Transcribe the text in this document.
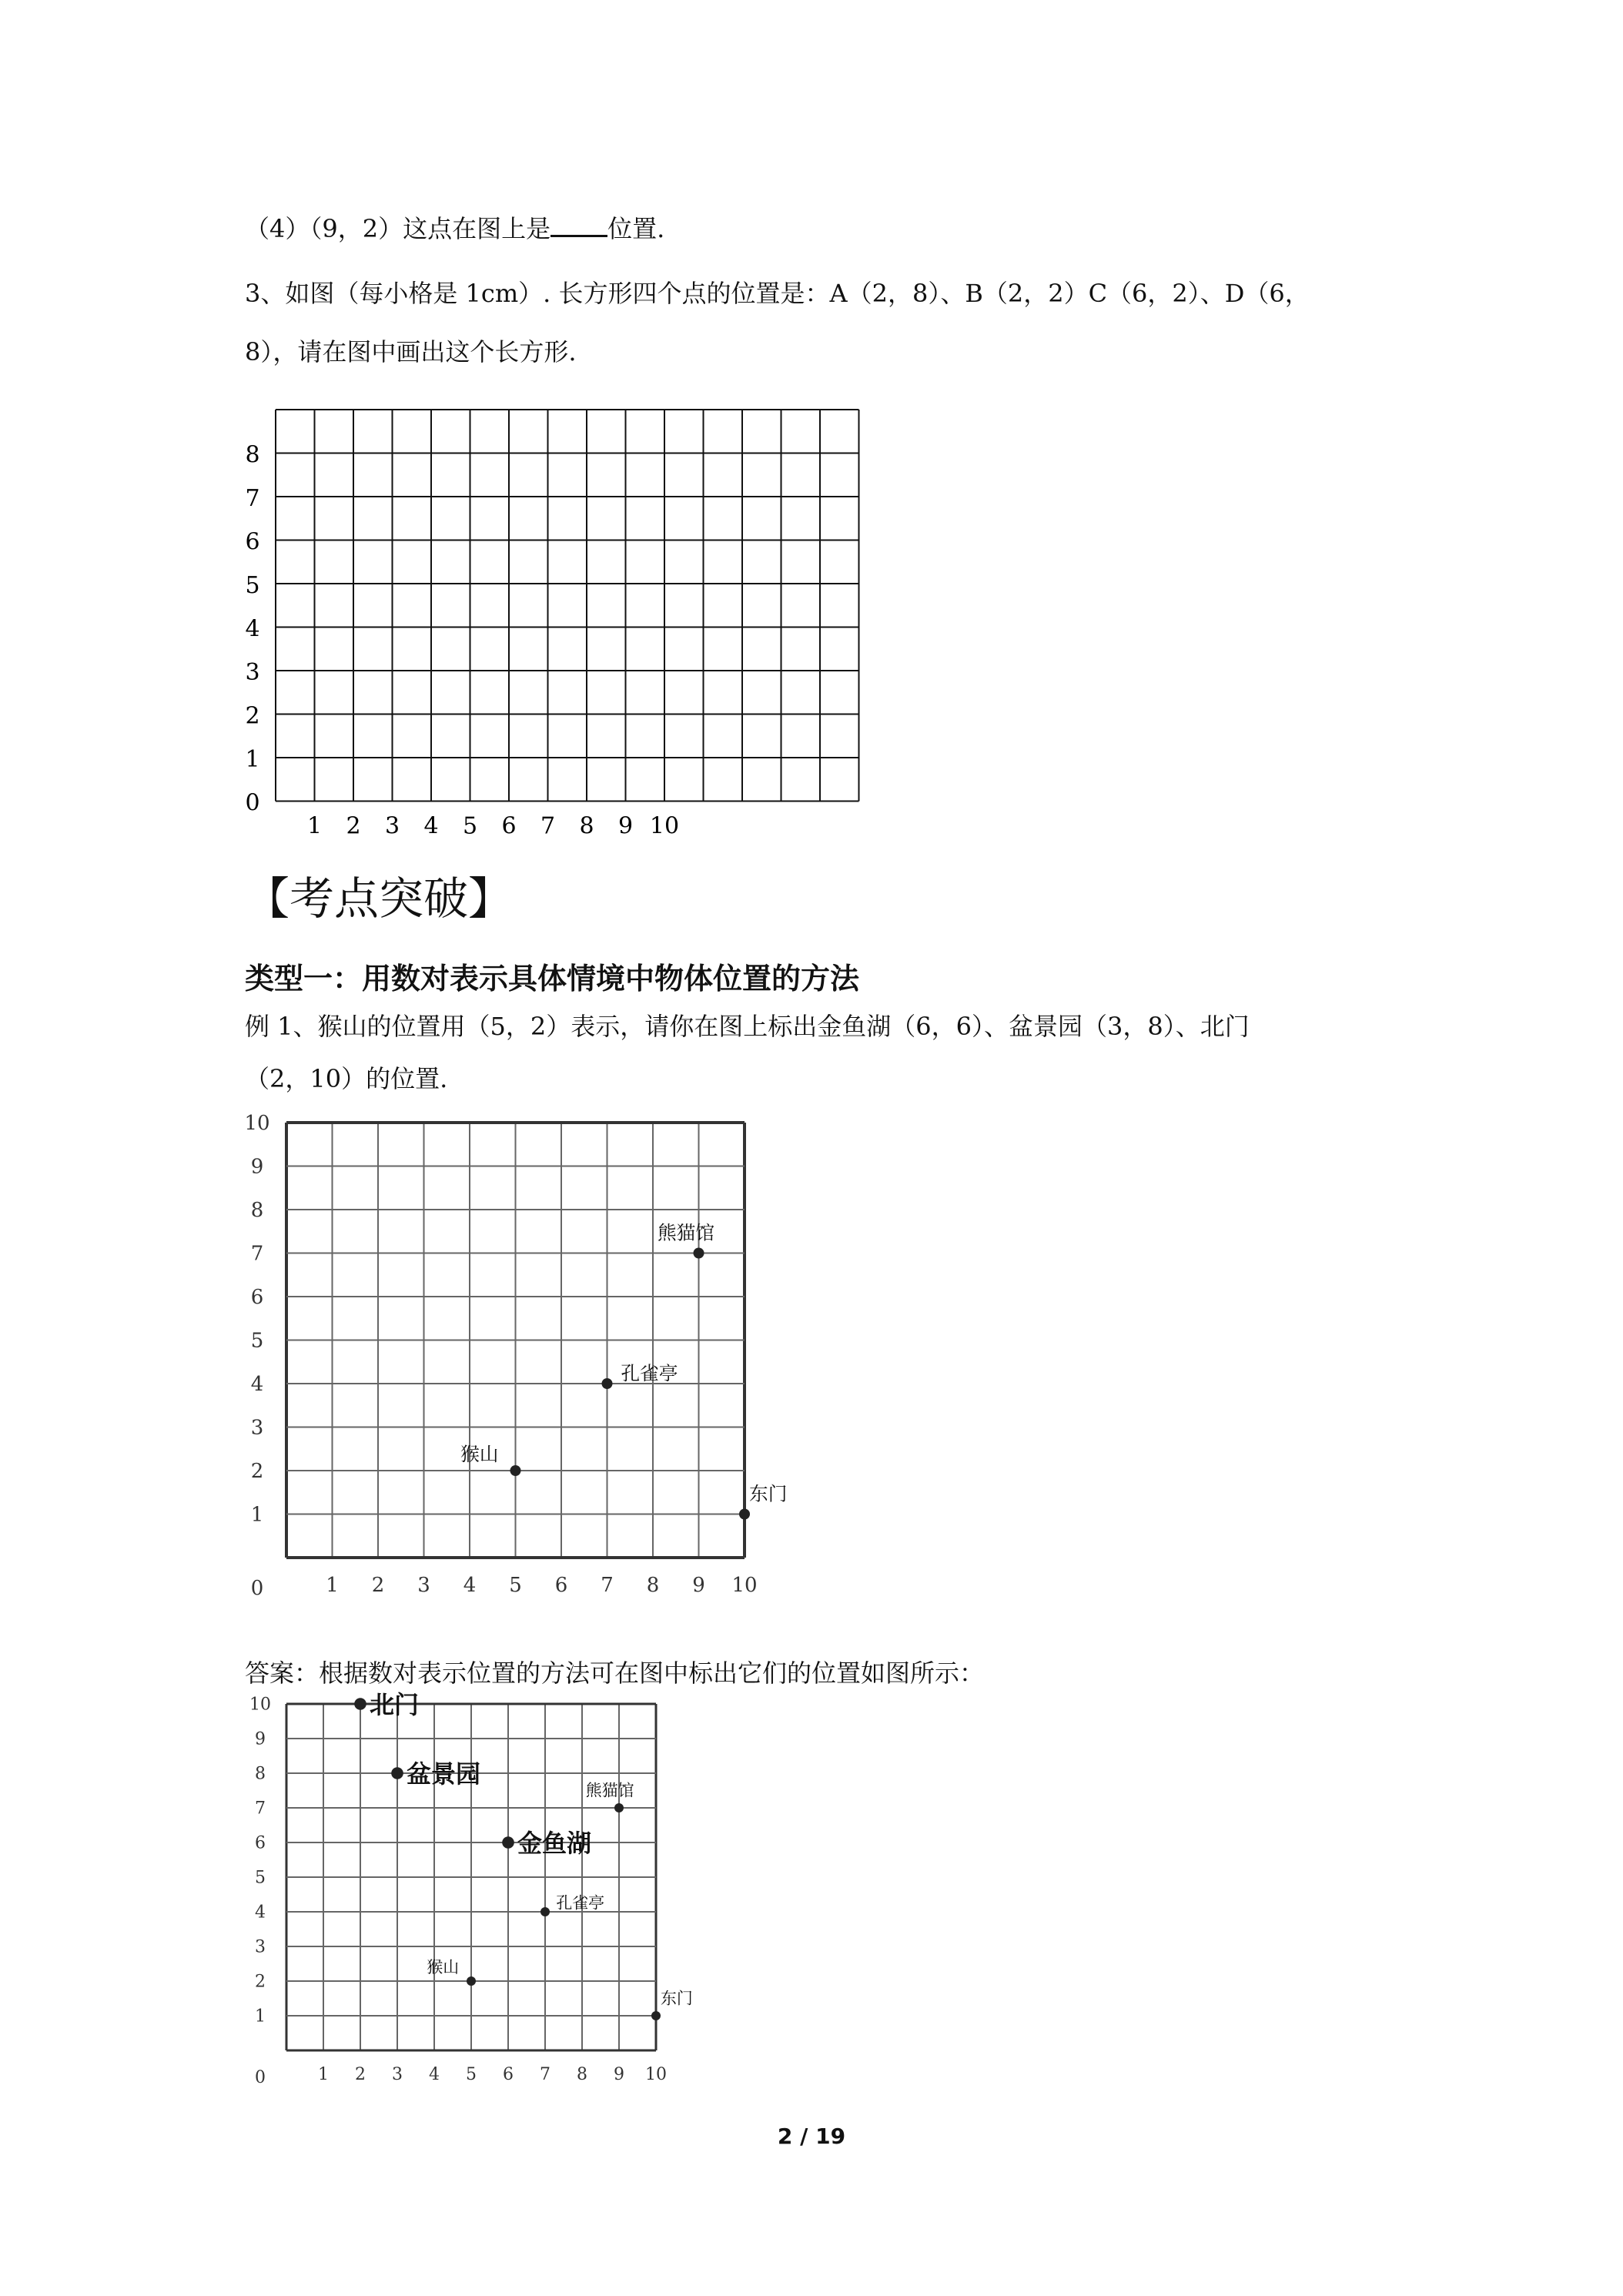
（4）（9，2）这点在图上是 位置.
3、如图（每小格是 1cm）. 长方形四个点的位置是：A（2，8）、B（2，2）C（6，2）、D（6，
8），请在图中画出这个长方形.
0
1
2
3
4
5
6
7
8
1 2 3 4 5 6 7 8 9 10
【考点突破】
类型一：用数对表示具体情境中物体位置的方法
例 1、猴山的位置用（5，2）表示，请你在图上标出金鱼湖（6，6）、盆景园（3，8）、北门
（2，10）的位置.
0
1
2
3
4
5
6
7
8
9
10
1 2 3 4 5 6 7 8 9 10
熊猫馆
孔雀亭
猴山
东门
答案：根据数对表示位置的方法可在图中标出它们的位置如图所示：
0
1
2
3
4
5
6
7
8
9
10
1 2 3 4 5 6 7 8 9 10
北门
盆景园
熊猫馆
金鱼湖
孔雀亭
猴山
东门
2 / 19
